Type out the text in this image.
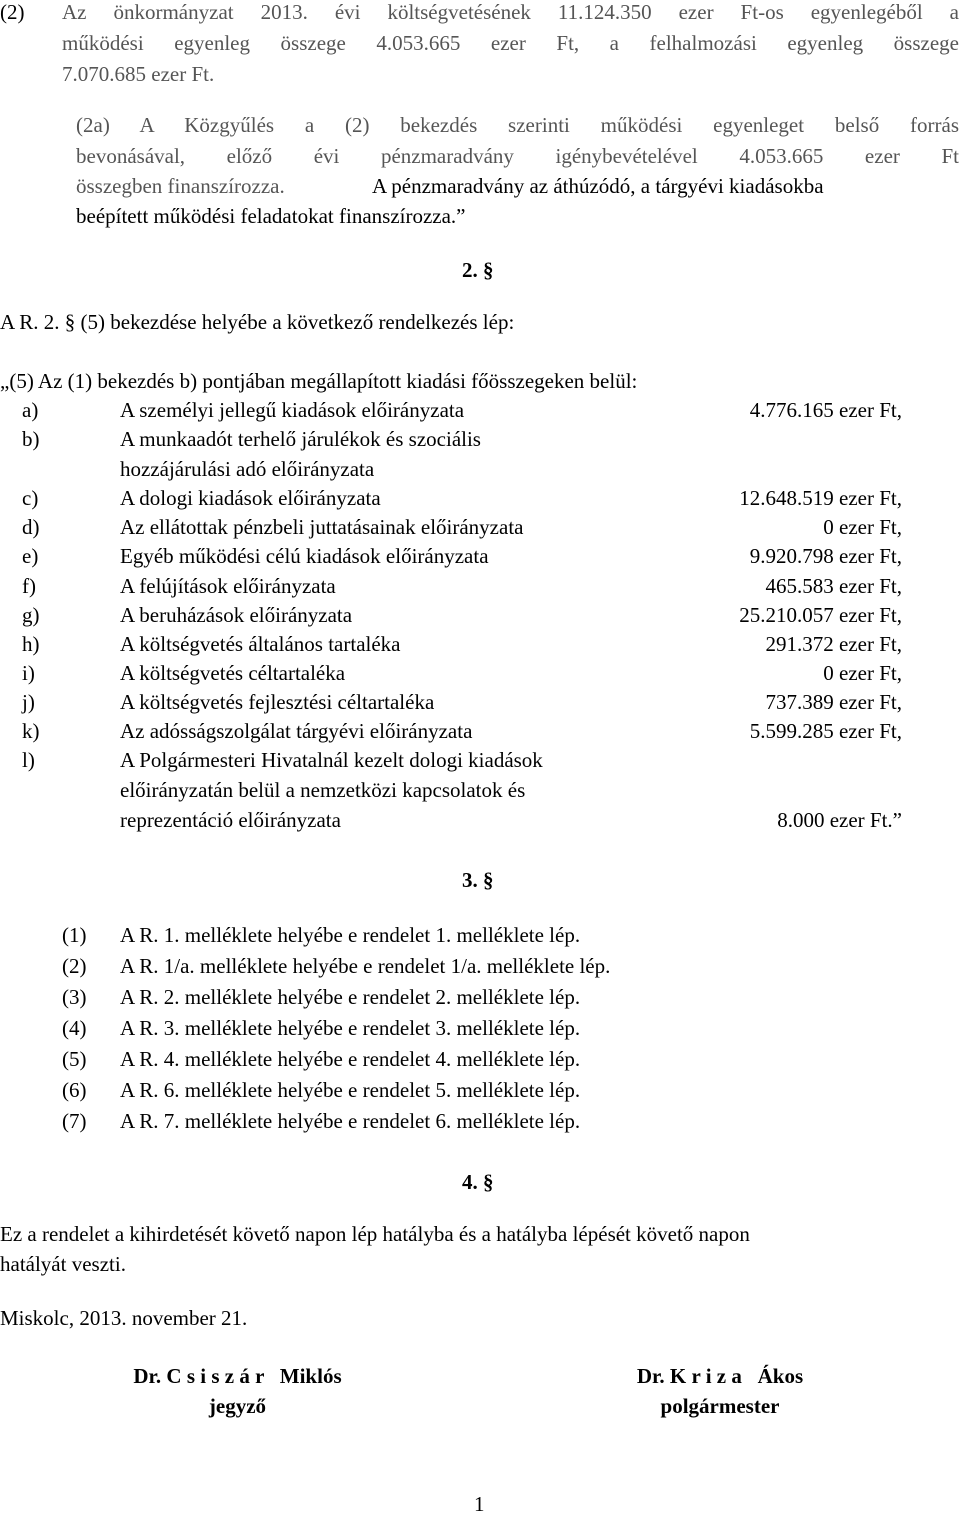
(2) Az önkormányzat 2013. évi költségvetésének 11.124.350 ezer Ft-os egyenlegéből a
működési egyenleg összege 4.053.665 ezer Ft, a felhalmozási egyenleg összege
7.070.685 ezer Ft.
(2a) A Közgyűlés a (2) bekezdés szerinti működési egyenleget belső forrás
bevonásával, előző évi pénzmaradvány igénybevételével 4.053.665 ezer Ft
összegben finanszírozza.	A pénzmaradvány az áthúzódó, a tárgyévi kiadásokba
beépített működési feladatokat finanszírozza.”
2. §
A R. 2. § (5) bekezdése helyébe a következő rendelkezés lép:
„(5) Az (1) bekezdés b) pontjában megállapított kiadási főösszegeken belül:
a)	A személyi jellegű kiadások előirányzata	4.776.165 ezer Ft,
b)	A munkaadót terhelő járulékok és szociális
hozzájárulási adó előirányzata
c)	A dologi kiadások előirányzata	12.648.519 ezer Ft,
d)	Az ellátottak pénzbeli juttatásainak előirányzata	0 ezer Ft,
e)	Egyéb működési célú kiadások előirányzata	9.920.798 ezer Ft,
f)	A felújítások előirányzata	465.583 ezer Ft,
g)	A beruházások előirányzata	25.210.057 ezer Ft,
h)	A költségvetés általános tartaléka	291.372 ezer Ft,
i)	A költségvetés céltartaléka	0 ezer Ft,
j)	A költségvetés fejlesztési céltartaléka	737.389 ezer Ft,
k)	Az adósságszolgálat tárgyévi előirányzata	5.599.285 ezer Ft,
l)	A Polgármesteri Hivatalnál kezelt dologi kiadások
előirányzatán belül a nemzetközi kapcsolatok és
reprezentáció előirányzata	8.000 ezer Ft.”
3. §
(1) A R. 1. melléklete helyébe e rendelet 1. melléklete lép.
(2) A R. 1/a. melléklete helyébe e rendelet 1/a. melléklete lép.
(3) A R. 2. melléklete helyébe e rendelet 2. melléklete lép.
(4) A R. 3. melléklete helyébe e rendelet 3. melléklete lép.
(5) A R. 4. melléklete helyébe e rendelet 4. melléklete lép.
(6) A R. 6. melléklete helyébe e rendelet 5. melléklete lép.
(7) A R. 7. melléklete helyébe e rendelet 6. melléklete lép.
4. §
Ez a rendelet a kihirdetését követő napon lép hatályba és a hatályba lépését követő napon
hatályát veszti.
Miskolc, 2013. november 21.
Dr. C s i s z á r   Miklós
jegyző
Dr. K r i z a   Ákos
polgármester
1
